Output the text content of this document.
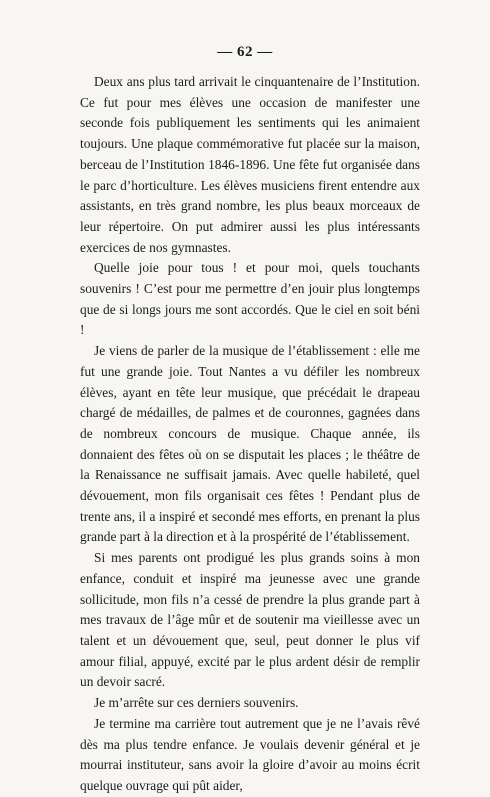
— 62 —

Deux ans plus tard arrivait le cinquantenaire de l’Institution. Ce fut pour mes élèves une occasion de manifester une seconde fois publiquement les sentiments qui les animaient toujours. Une plaque commémorative fut placée sur la maison, berceau de l’Institution 1846-1896. Une fête fut organisée dans le parc d’horticulture. Les élèves musiciens firent entendre aux assistants, en très grand nombre, les plus beaux morceaux de leur répertoire. On put admirer aussi les plus intéressants exercices de nos gymnastes.

Quelle joie pour tous ! et pour moi, quels touchants souvenirs ! C’est pour me permettre d’en jouir plus longtemps que de si longs jours me sont accordés. Que le ciel en soit béni !

Je viens de parler de la musique de l’établissement : elle me fut une grande joie. Tout Nantes a vu défiler les nombreux élèves, ayant en tête leur musique, que précédait le drapeau chargé de médailles, de palmes et de couronnes, gagnées dans de nombreux concours de musique. Chaque année, ils donnaient des fêtes où on se disputait les places ; le théâtre de la Renaissance ne suffisait jamais. Avec quelle habileté, quel dévouement, mon fils organisait ces fêtes ! Pendant plus de trente ans, il a inspiré et secondé mes efforts, en prenant la plus grande part à la direction et à la prospérité de l’établissement.

Si mes parents ont prodigué les plus grands soins à mon enfance, conduit et inspiré ma jeunesse avec une grande sollicitude, mon fils n’a cessé de prendre la plus grande part à mes travaux de l’âge mûr et de soutenir ma vieillesse avec un talent et un dévouement que, seul, peut donner le plus vif amour filial, appuyé, excité par le plus ardent désir de remplir un devoir sacré.

Je m’arrête sur ces derniers souvenirs.

Je termine ma carrière tout autrement que je ne l’avais rêvé dès ma plus tendre enfance. Je voulais devenir général et je mourrai instituteur, sans avoir la gloire d’avoir au moins écrit quelque ouvrage qui pût aider,
